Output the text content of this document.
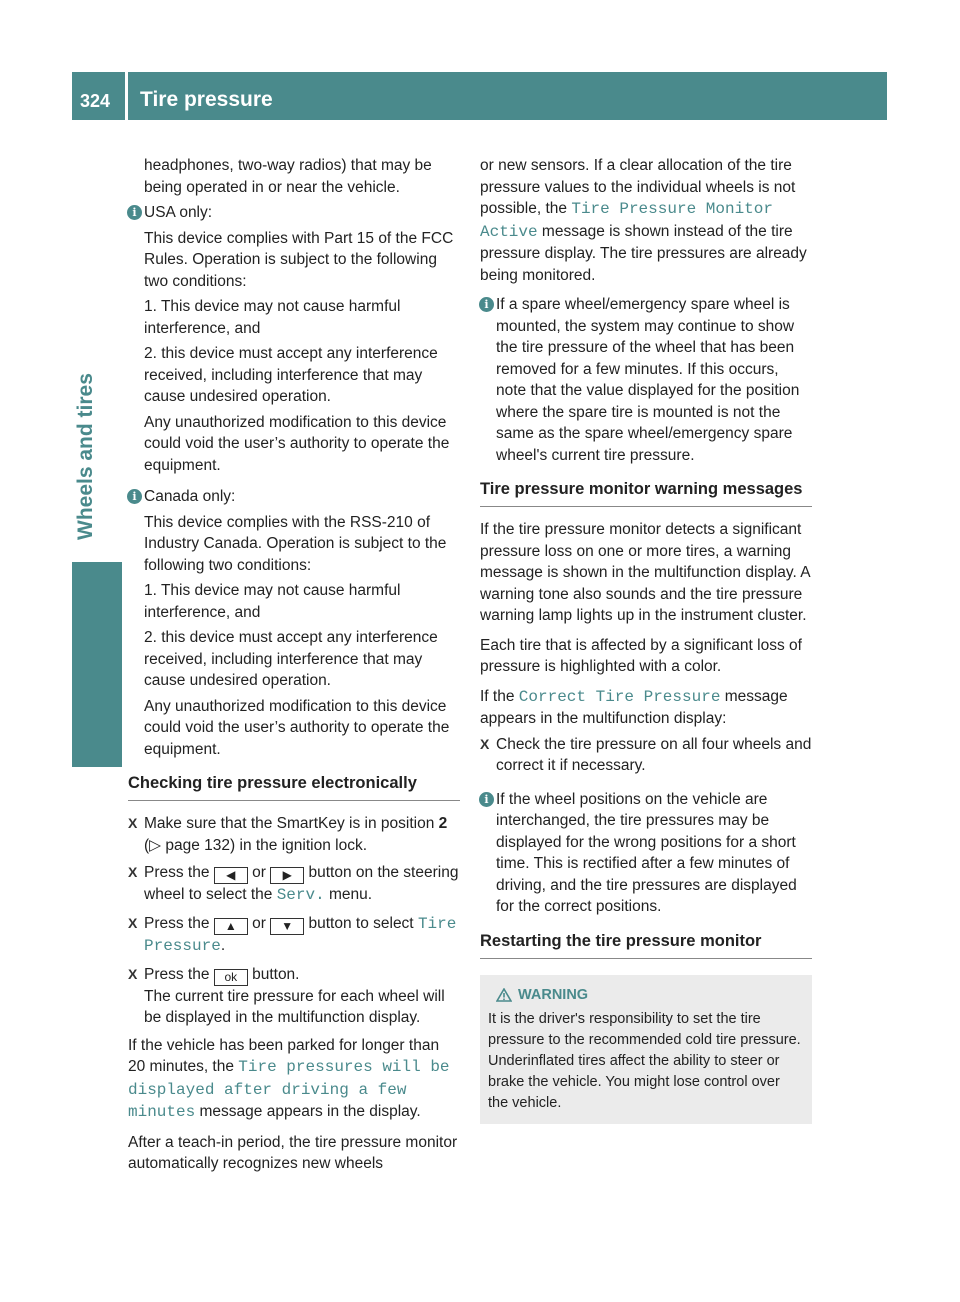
324 Tire pressure
Wheels and tires

headphones, two-way radios) that may be being operated in or near the vehicle.

i USA only:

This device complies with Part 15 of the FCC Rules. Operation is subject to the following two conditions:

1. This device may not cause harmful interference, and

2. this device must accept any interference received, including interference that may cause undesired operation.

Any unauthorized modification to this device could void the user’s authority to operate the equipment.

i Canada only:

This device complies with the RSS-210 of Industry Canada. Operation is subject to the following two conditions:

1. This device may not cause harmful interference, and

2. this device must accept any interference received, including interference that may cause undesired operation.

Any unauthorized modification to this device could void the user’s authority to operate the equipment.

Checking tire pressure electronically
X Make sure that the SmartKey is in position 2 (▷ page 132) in the ignition lock.
X Press the ◀ or ▶ button on the steering wheel to select the Serv. menu.
X Press the ▲ or ▼ button to select Tire Pressure.
X Press the ok button.
The current tire pressure for each wheel will be displayed in the multifunction display.

If the vehicle has been parked for longer than 20 minutes, the Tire pressures will be displayed after driving a few minutes message appears in the display.

After a teach-in period, the tire pressure monitor automatically recognizes new wheels

or new sensors. If a clear allocation of the tire pressure values to the individual wheels is not possible, the Tire Pressure Monitor Active message is shown instead of the tire pressure display. The tire pressures are already being monitored.

i If a spare wheel/emergency spare wheel is mounted, the system may continue to show the tire pressure of the wheel that has been removed for a few minutes. If this occurs, note that the value displayed for the position where the spare tire is mounted is not the same as the spare wheel/emergency spare wheel's current tire pressure.

Tire pressure monitor warning messages

If the tire pressure monitor detects a significant pressure loss on one or more tires, a warning message is shown in the multifunction display. A warning tone also sounds and the tire pressure warning lamp lights up in the instrument cluster.

Each tire that is affected by a significant loss of pressure is highlighted with a color.

If the Correct Tire Pressure message appears in the multifunction display:

X Check the tire pressure on all four wheels and correct it if necessary.
i If the wheel positions on the vehicle are interchanged, the tire pressures may be displayed for the wrong positions for a short time. This is rectified after a few minutes of driving, and the tire pressures are displayed for the correct positions.

Restarting the tire pressure monitor
WARNING
It is the driver's responsibility to set the tire pressure to the recommended cold tire pressure. Underinflated tires affect the ability to steer or brake the vehicle. You might lose control over the vehicle.
